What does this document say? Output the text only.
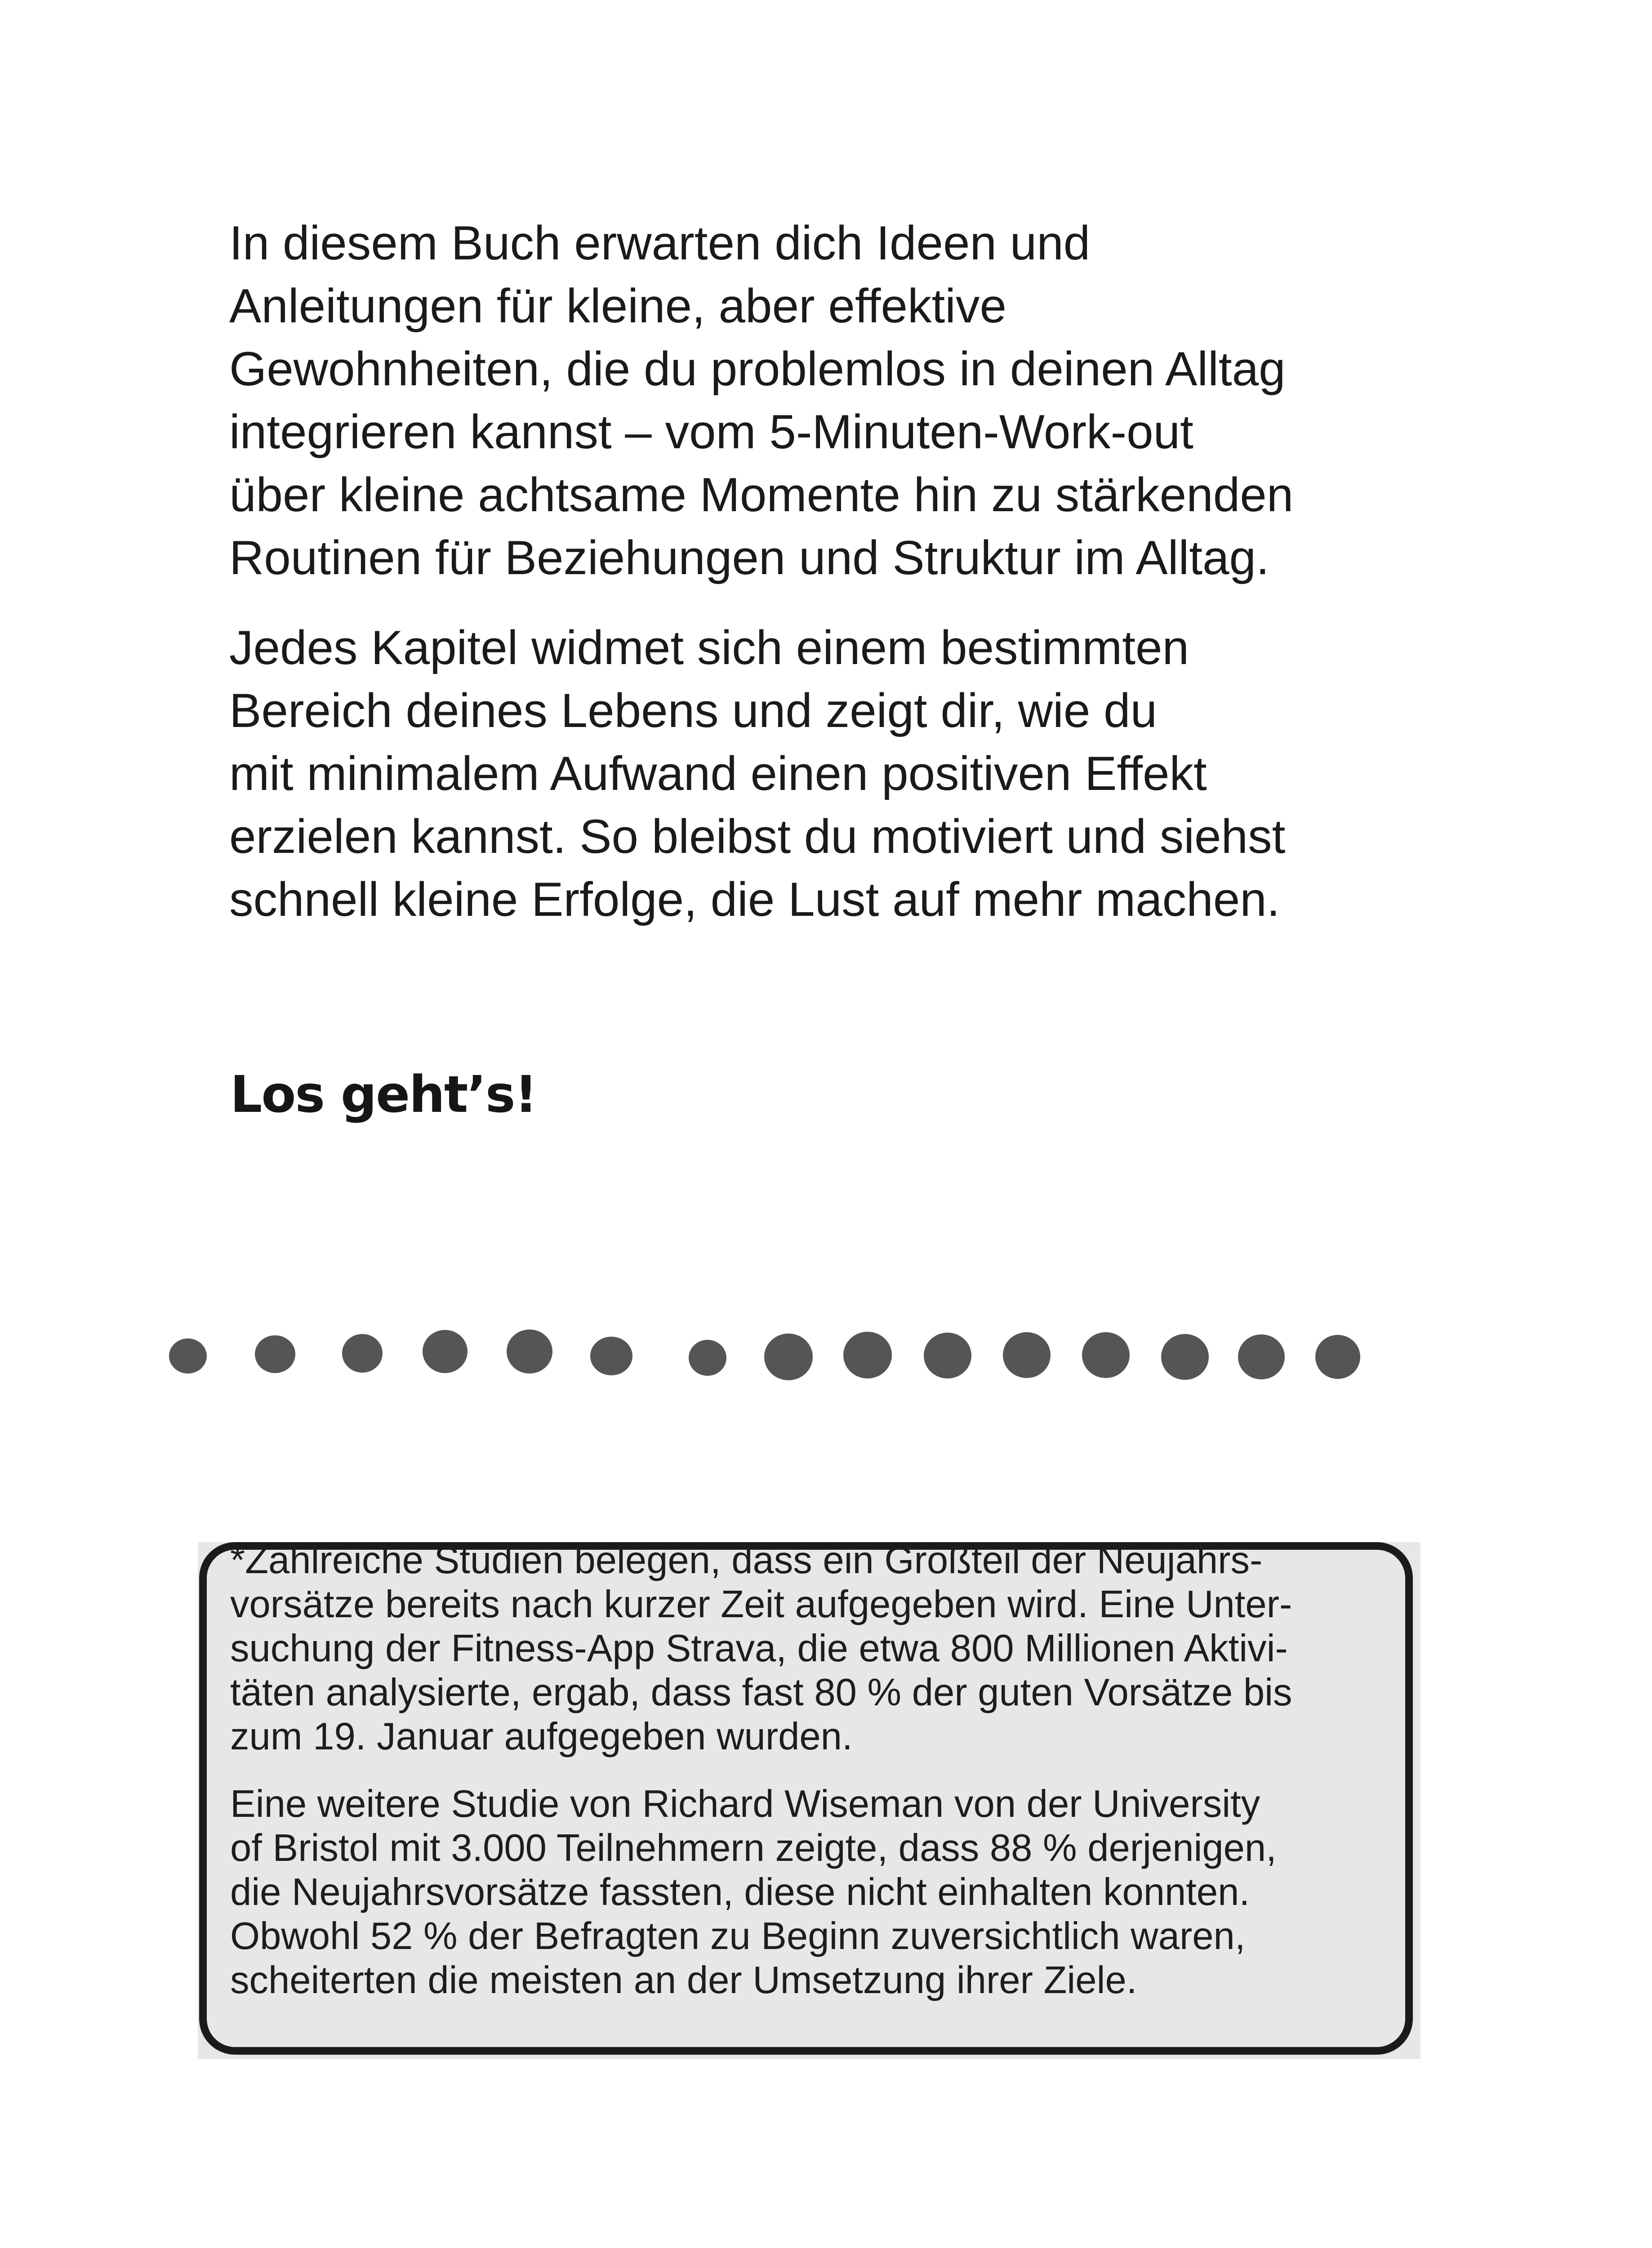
In diesem Buch erwarten dich Ideen und
Anleitungen für kleine, aber effektive
Gewohnheiten, die du problemlos in deinen Alltag
integrieren kannst – vom 5-Minuten-Work-out
über kleine achtsame Momente hin zu stärkenden
Routinen für Beziehungen und Struktur im Alltag.

Jedes Kapitel widmet sich einem bestimmten
Bereich deines Lebens und zeigt dir, wie du
mit minimalem Aufwand einen positiven Effekt
erzielen kannst. So bleibst du motiviert und siehst
schnell kleine Erfolge, die Lust auf mehr machen.

Los geht’s!

*Zahlreiche Studien belegen, dass ein Großteil der Neujahrs-
vorsätze bereits nach kurzer Zeit aufgegeben wird. Eine Unter-
suchung der Fitness-App Strava, die etwa 800 Millionen Aktivi-
täten analysierte, ergab, dass fast 80 % der guten Vorsätze bis
zum 19. Januar aufgegeben wurden.

Eine weitere Studie von Richard Wiseman von der University
of Bristol mit 3.000 Teilnehmern zeigte, dass 88 % derjenigen,
die Neujahrsvorsätze fassten, diese nicht einhalten konnten.
Obwohl 52 % der Befragten zu Beginn zuversichtlich waren,
scheiterten die meisten an der Umsetzung ihrer Ziele.
